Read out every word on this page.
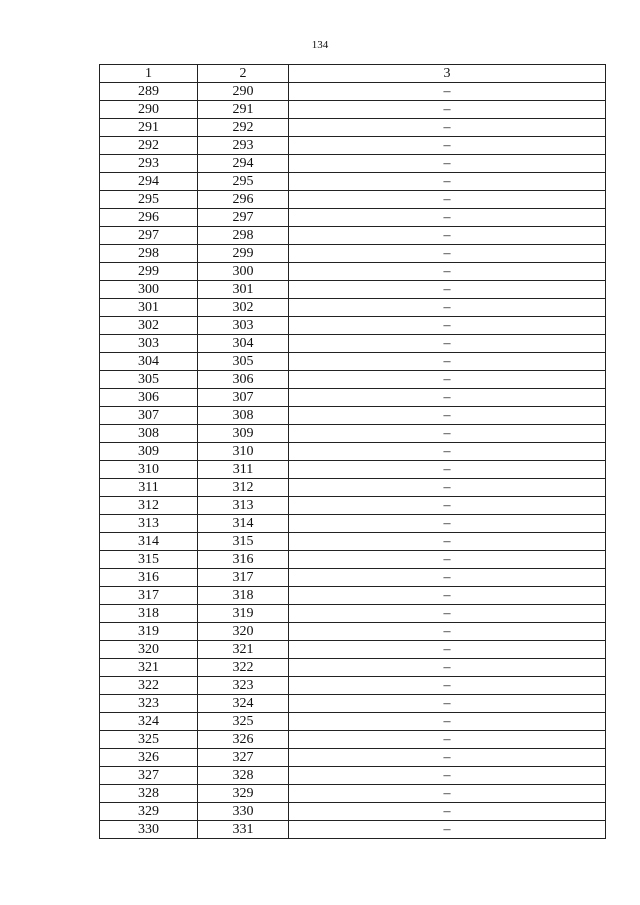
134
1	2	3
289	290	–
290	291	–
291	292	–
292	293	–
293	294	–
294	295	–
295	296	–
296	297	–
297	298	–
298	299	–
299	300	–
300	301	–
301	302	–
302	303	–
303	304	–
304	305	–
305	306	–
306	307	–
307	308	–
308	309	–
309	310	–
310	311	–
311	312	–
312	313	–
313	314	–
314	315	–
315	316	–
316	317	–
317	318	–
318	319	–
319	320	–
320	321	–
321	322	–
322	323	–
323	324	–
324	325	–
325	326	–
326	327	–
327	328	–
328	329	–
329	330	–
330	331	–
